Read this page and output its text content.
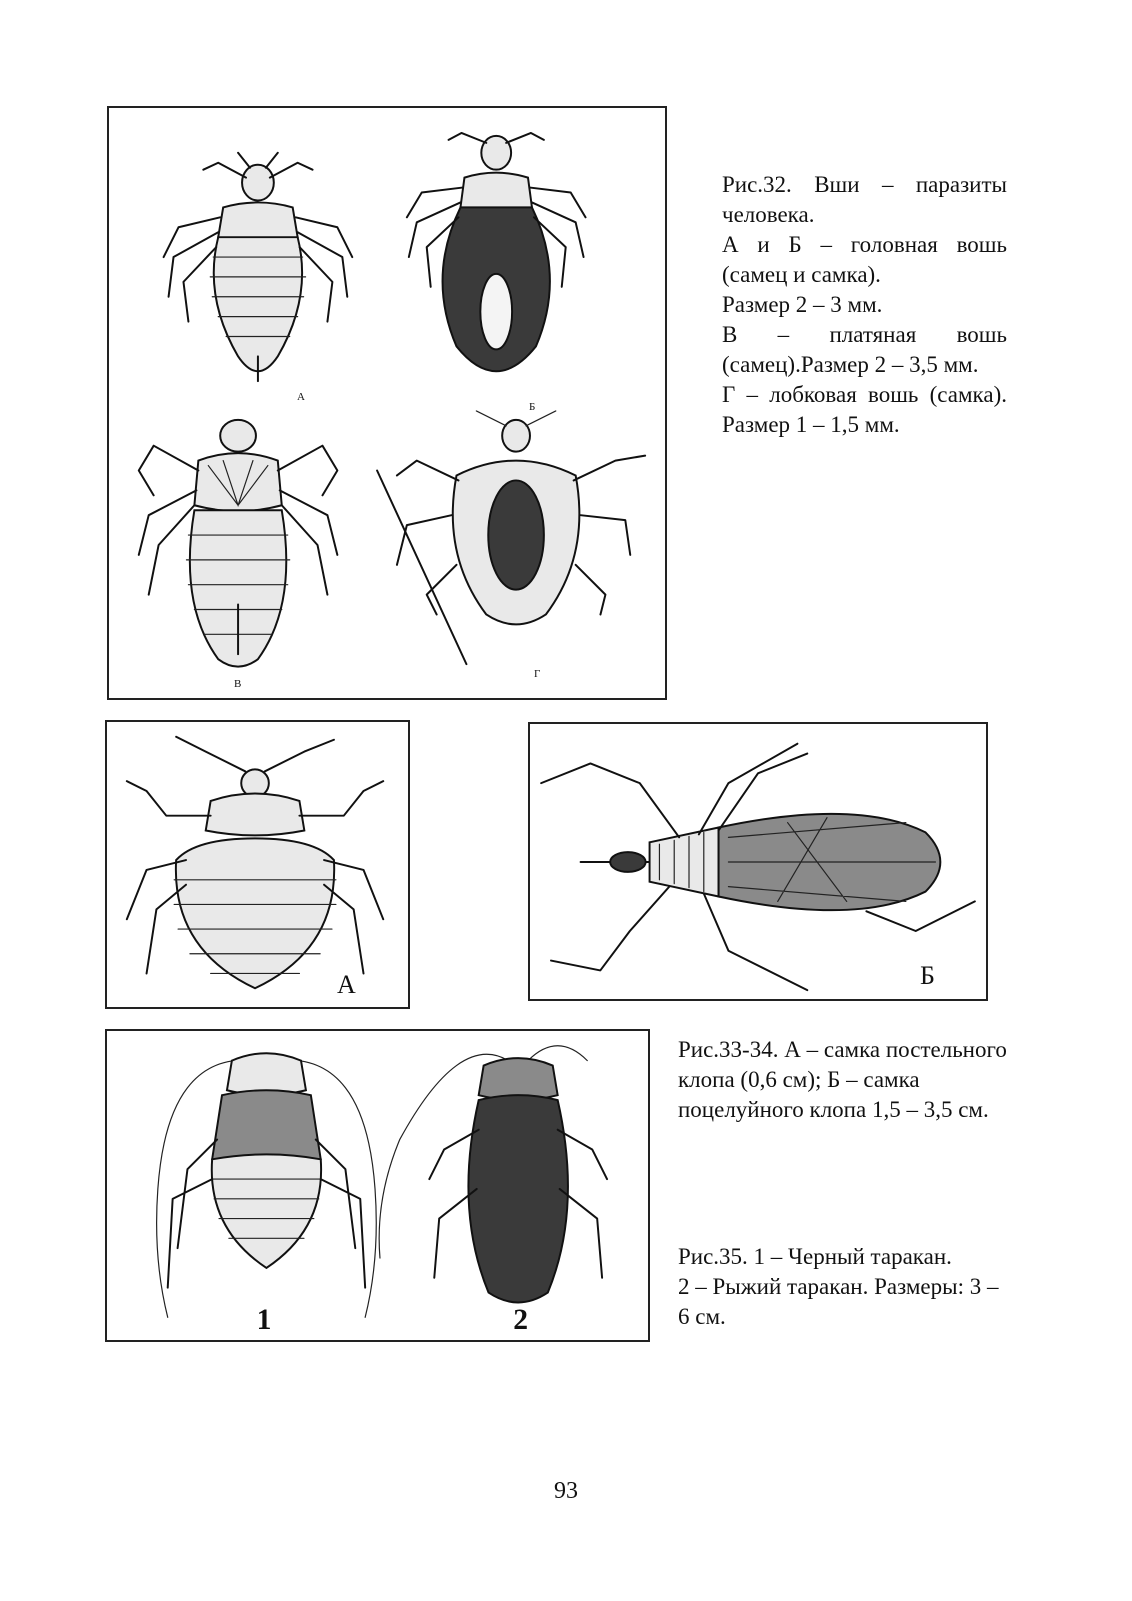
А
Б
В
Г

Рис.32. Вши – паразиты человека.

А и Б – головная вошь (самец и самка).

Размер 2 – 3 мм.

В – платяная вошь (самец).Размер 2 – 3,5 мм.

Г – лобковая вошь (самка). Размер 1 – 1,5 мм.

А	Б
1	2

Рис.33-34. А – самка постельного клопа (0,6 см); Б – самка поцелуйного клопа 1,5 – 3,5 см.

Рис.35. 1 – Черный таракан.

2 – Рыжий таракан. Размеры: 3 – 6 см.

93
